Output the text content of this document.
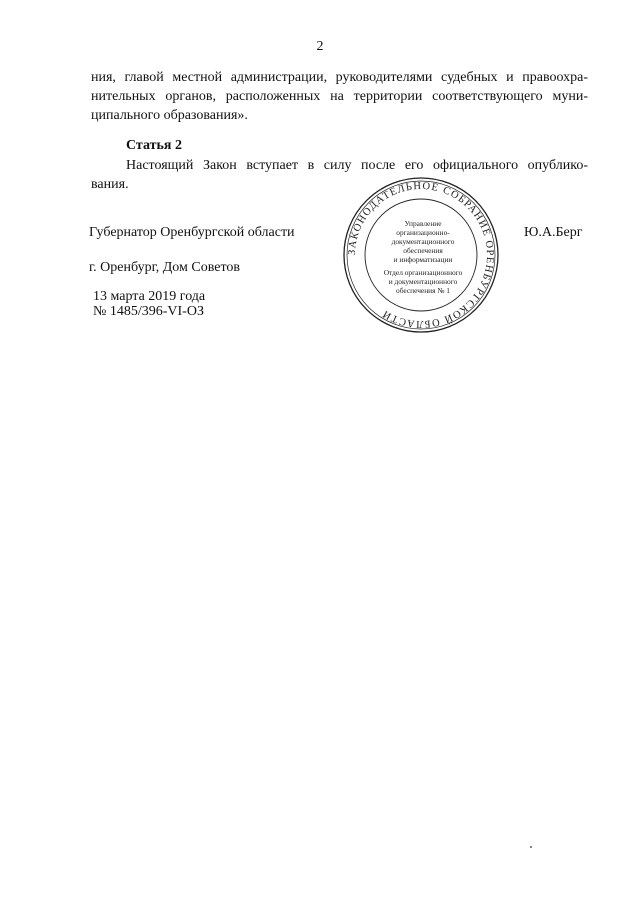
2

ния, главой местной администрации, руководителями судебных и правоохра-

нительных органов, расположенных на территории соответствующего муни-

ципального образования».

Статья 2

Настоящий Закон вступает в силу после его официального опублико-

вания.

Губернатор Оренбургской области	Ю.А.Берг
г. Оренбург, Дом Советов
13 марта 2019 года
№ 1485/396-VI-ОЗ
ЗАКОНОДАТЕЛЬНОЕ СОБРАНИЕ ОРЕНБУРГСКОЙ ОБЛАСТИ
Управление
организационно-
документационного
обеспечения
и информатизации
Отдел организационного
и документационного
обеспечения № 1
